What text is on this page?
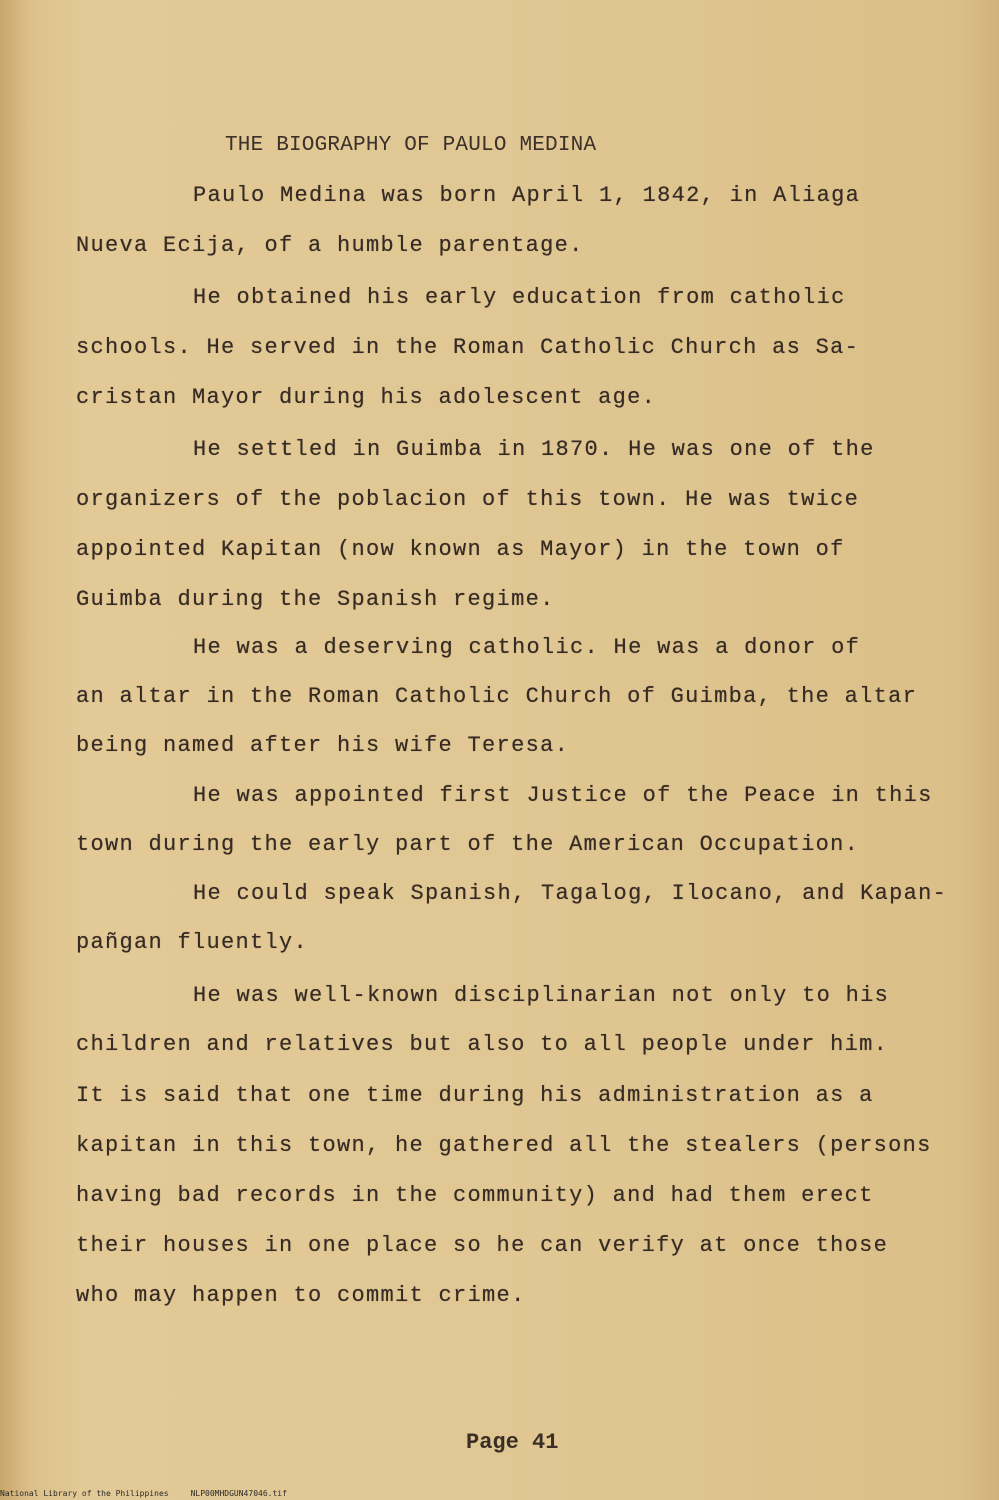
THE BIOGRAPHY OF PAULO MEDINA
Paulo Medina was born April 1, 1842, in Aliaga
Nueva Ecija, of a humble parentage.
He obtained his early education from catholic
schools. He served in the Roman Catholic Church as Sa-
cristan Mayor during his adolescent age.
He settled in Guimba in 1870. He was one of the
organizers of the poblacion of this town. He was twice
appointed Kapitan (now known as Mayor) in the town of
Guimba during the Spanish regime.
He was a deserving catholic. He was a donor of
an altar in the Roman Catholic Church of Guimba, the altar
being named after his wife Teresa.
He was appointed first Justice of the Peace in this
town during the early part of the American Occupation.
He could speak Spanish, Tagalog, Ilocano, and Kapan-
pañgan fluently.
He was well-known disciplinarian not only to his
children and relatives but also to all people under him.
It is said that one time during his administration as a
kapitan in this town, he gathered all the stealers (persons
having bad records in the community) and had them erect
their houses in one place so he can verify at once those
who may happen to commit crime.
Page 41
National Library of the Philippines	NLP00MHDGUN47046.tif
